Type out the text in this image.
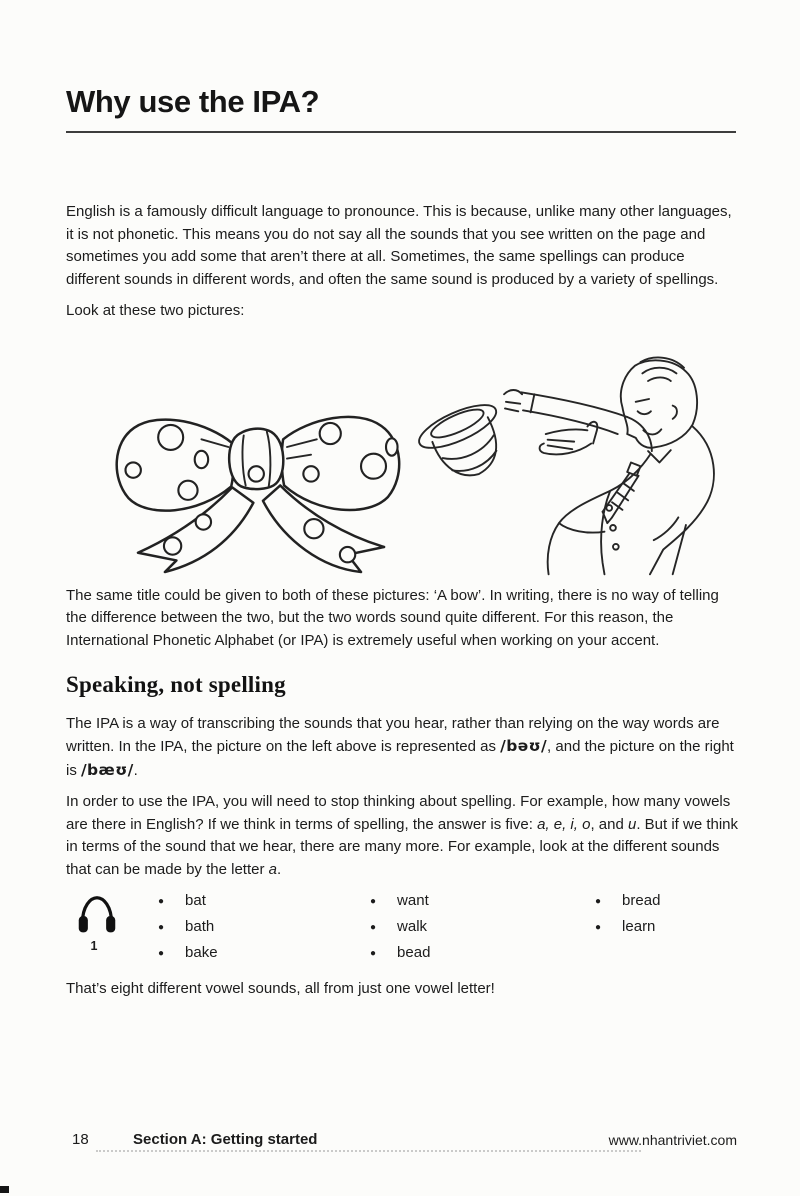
Why use the IPA?

English is a famously difficult language to pronounce. This is because, unlike many other languages, it is not phonetic. This means you do not say all the sounds that you see written on the page and sometimes you add some that aren’t there at all. Sometimes, the same spellings can produce different sounds in different words, and often the same sound is produced by a variety of spellings.

Look at these two pictures:

The same title could be given to both of these pictures: ‘A bow’. In writing, there is no way of telling the difference between the two, but the two words sound quite different. For this reason, the International Phonetic Alphabet (or IPA) is extremely useful when working on your accent.

Speaking, not spelling

The IPA is a way of transcribing the sounds that you hear, rather than relying on the way words are written. In the IPA, the picture on the left above is represented as /bəʊ/, and the picture on the right is /bæʊ/.

In order to use the IPA, you will need to stop thinking about spelling. For example, how many vowels are there in English? If we think in terms of spelling, the answer is five: a, e, i, o, and u. But if we think in terms of the sound that we hear, there are many more. For example, look at the different sounds that can be made by the letter a.

1
● bat
● bath
● bake
● want
● walk
● bead
● bread
● learn

That’s eight different vowel sounds, all from just one vowel letter!

18	Section A: Getting started	www.nhantriviet.com
